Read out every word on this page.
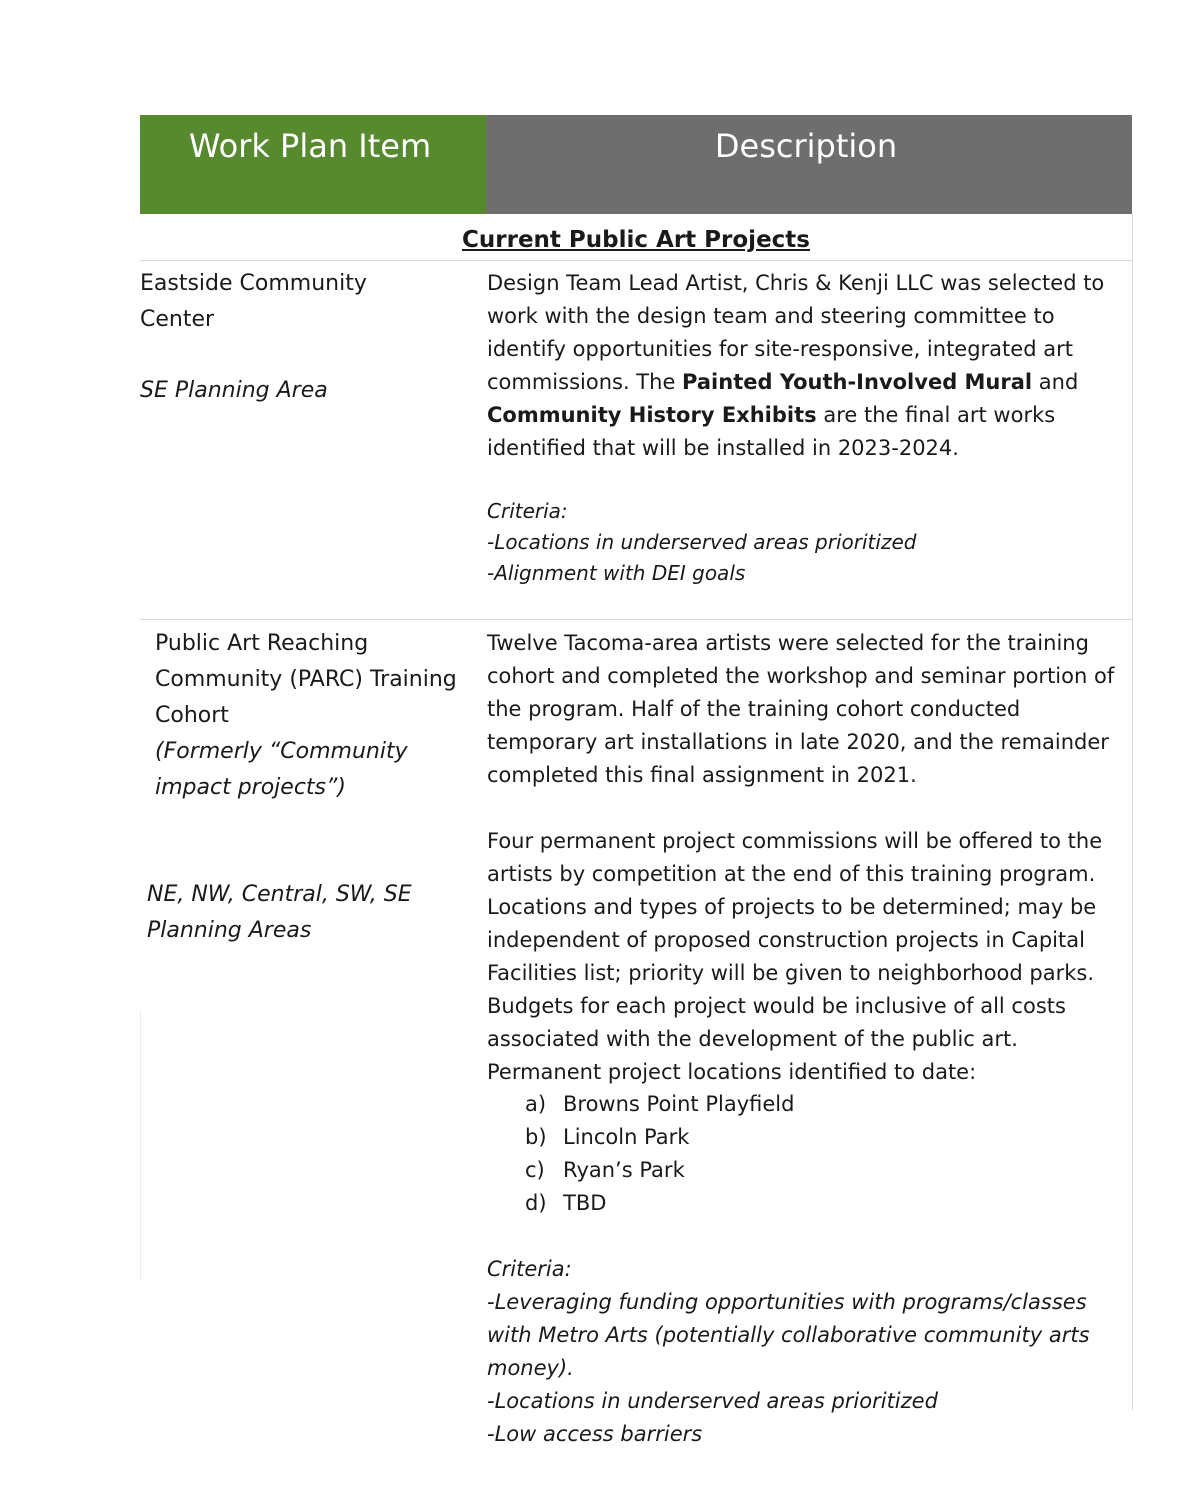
Work Plan Item	Description
Current Public Art Projects
Eastside Community
Center
SE Planning Area
Design Team Lead Artist, Chris & Kenji LLC was selected to work with the design team and steering committee to identify opportunities for site-responsive, integrated art commissions. The Painted Youth-Involved Mural and Community History Exhibits are the final art works identified that will be installed in 2023-2024.
Criteria:
-Locations in underserved areas prioritized
-Alignment with DEI goals
Public Art Reaching Community (PARC) Training Cohort
(Formerly “Community impact projects”)
NE, NW, Central, SW, SE Planning Areas
Twelve Tacoma-area artists were selected for the training cohort and completed the workshop and seminar portion of the program. Half of the training cohort conducted temporary art installations in late 2020, and the remainder completed this final assignment in 2021.
Four permanent project commissions will be offered to the artists by competition at the end of this training program. Locations and types of projects to be determined; may be independent of proposed construction projects in Capital Facilities list; priority will be given to neighborhood parks. Budgets for each project would be inclusive of all costs associated with the development of the public art. Permanent project locations identified to date:
a) Browns Point Playfield
b) Lincoln Park
c) Ryan’s Park
d) TBD
Criteria:
-Leveraging funding opportunities with programs/classes with Metro Arts (potentially collaborative community arts money).
-Locations in underserved areas prioritized
-Low access barriers
